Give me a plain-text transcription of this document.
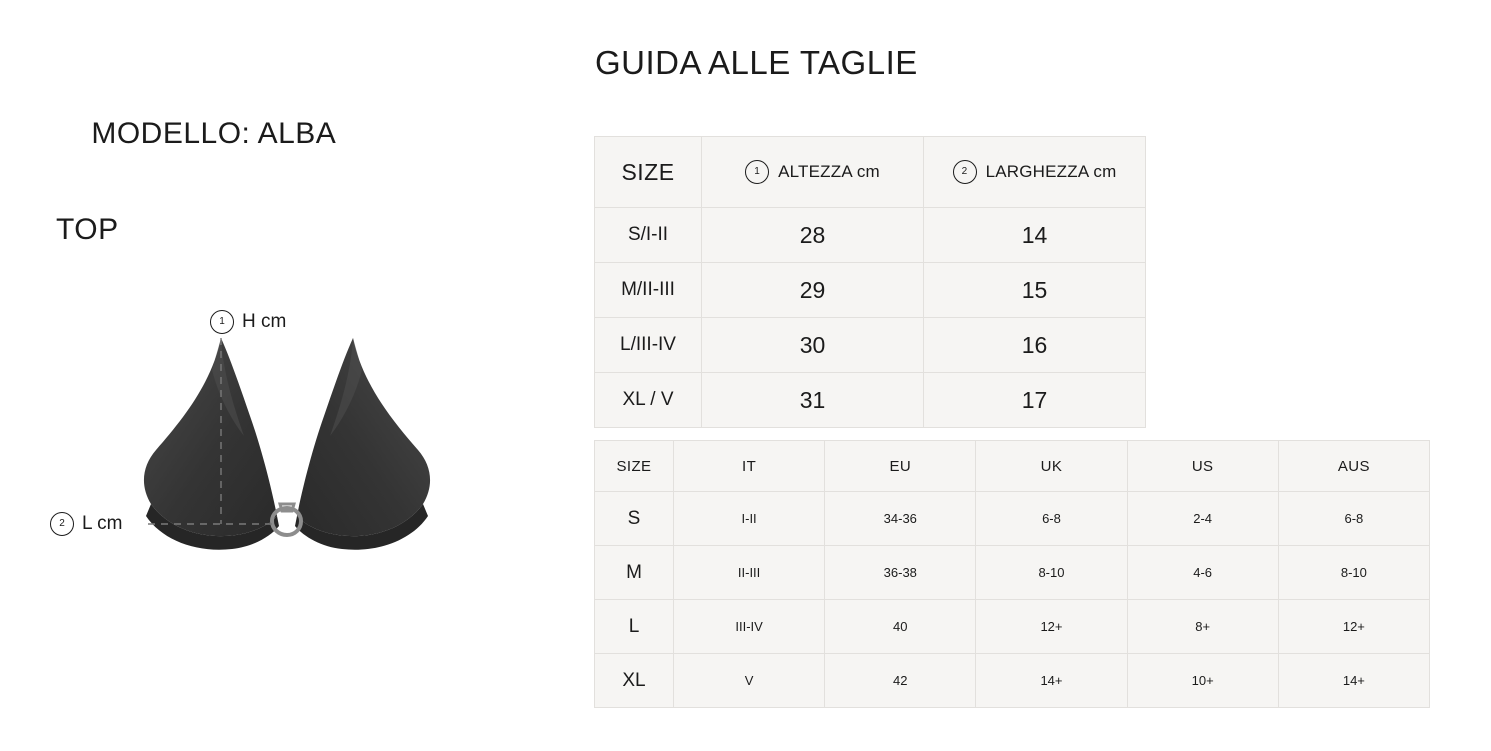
MODELLO: ALBA

TOP

1 H cm
2 L cm
GUIDA ALLE TAGLIE
SIZE	1 ALTEZZA cm	2 LARGHEZZA cm

S/I-II	28	14
M/II-III	29	15
L/III-IV	30	16
XL / V	31	17
SIZE	IT	EU	UK	US	AUS
S	I-II	34-36	6-8	2-4	6-8
M	II-III	36-38	8-10	4-6	8-10
L	III-IV	40	12+	8+	12+
XL	V	42	14+	10+	14+
